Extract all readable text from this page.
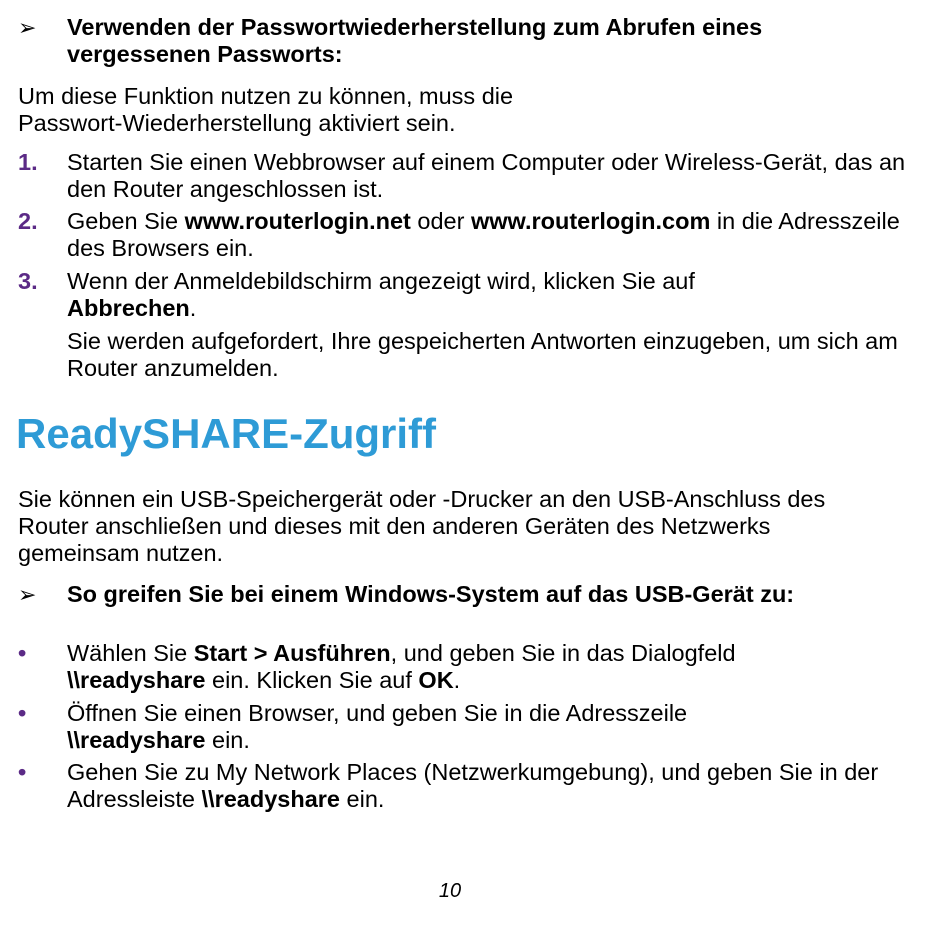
➢ Verwenden der Passwortwiederherstellung zum Abrufen eines vergessenen Passworts:
Um diese Funktion nutzen zu können, muss die Passwort-Wiederherstellung aktiviert sein.
1. Starten Sie einen Webbrowser auf einem Computer oder Wireless-Gerät, das an den Router angeschlossen ist.
2. Geben Sie www.routerlogin.net oder www.routerlogin.com in die Adresszeile des Browsers ein.
3. Wenn der Anmeldebildschirm angezeigt wird, klicken Sie auf Abbrechen.
Sie werden aufgefordert, Ihre gespeicherten Antworten einzugeben, um sich am Router anzumelden.
ReadySHARE-Zugriff
Sie können ein USB-Speichergerät oder -Drucker an den USB-Anschluss des Router anschließen und dieses mit den anderen Geräten des Netzwerks gemeinsam nutzen.
➢ So greifen Sie bei einem Windows-System auf das USB-Gerät zu:
• Wählen Sie Start > Ausführen, und geben Sie in das Dialogfeld
\\readyshare ein. Klicken Sie auf OK.
• Öffnen Sie einen Browser, und geben Sie in die Adresszeile \\readyshare ein.
• Gehen Sie zu My Network Places (Netzwerkumgebung), und geben Sie in der Adressleiste \\readyshare ein.
10
